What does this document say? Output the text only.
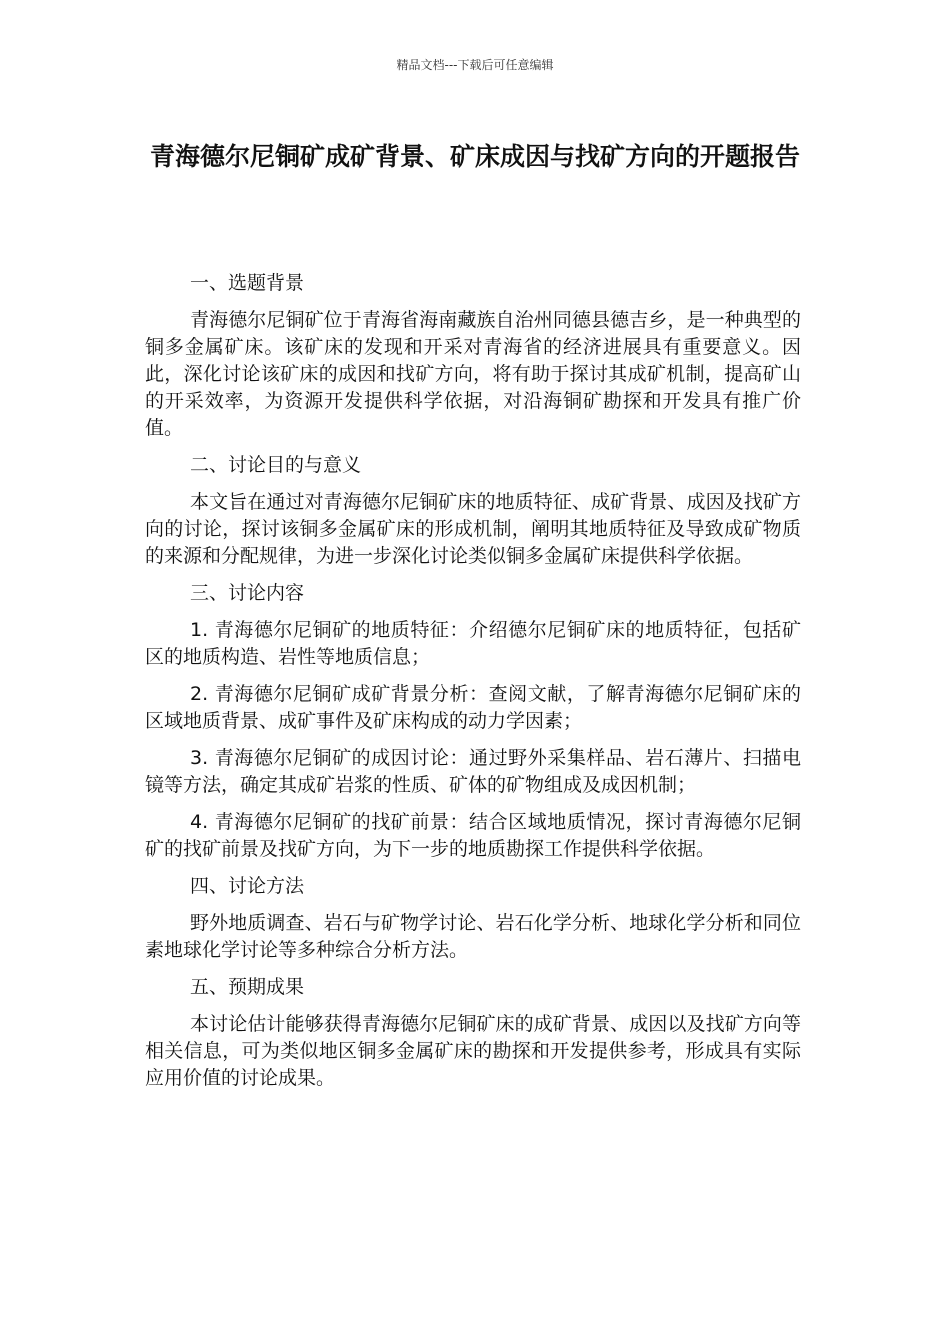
精品文档---下载后可任意编辑
青海德尔尼铜矿成矿背景、矿床成因与找矿方向的开题报告

一、选题背景

青海德尔尼铜矿位于青海省海南藏族自治州同德县德吉乡，是一种典型的铜多金属矿床。该矿床的发现和开采对青海省的经济进展具有重要意义。因此，深化讨论该矿床的成因和找矿方向，将有助于探讨其成矿机制，提高矿山的开采效率，为资源开发提供科学依据，对沿海铜矿勘探和开发具有推广价值。

二、讨论目的与意义

本文旨在通过对青海德尔尼铜矿床的地质特征、成矿背景、成因及找矿方向的讨论，探讨该铜多金属矿床的形成机制，阐明其地质特征及导致成矿物质的来源和分配规律，为进一步深化讨论类似铜多金属矿床提供科学依据。

三、讨论内容

1. 青海德尔尼铜矿的地质特征：介绍德尔尼铜矿床的地质特征，包括矿区的地质构造、岩性等地质信息；

2. 青海德尔尼铜矿成矿背景分析：查阅文献，了解青海德尔尼铜矿床的区域地质背景、成矿事件及矿床构成的动力学因素；

3. 青海德尔尼铜矿的成因讨论：通过野外采集样品、岩石薄片、扫描电镜等方法，确定其成矿岩浆的性质、矿体的矿物组成及成因机制；

4. 青海德尔尼铜矿的找矿前景：结合区域地质情况，探讨青海德尔尼铜矿的找矿前景及找矿方向，为下一步的地质勘探工作提供科学依据。

四、讨论方法

野外地质调查、岩石与矿物学讨论、岩石化学分析、地球化学分析和同位素地球化学讨论等多种综合分析方法。

五、预期成果

本讨论估计能够获得青海德尔尼铜矿床的成矿背景、成因以及找矿方向等相关信息，可为类似地区铜多金属矿床的勘探和开发提供参考，形成具有实际应用价值的讨论成果。
